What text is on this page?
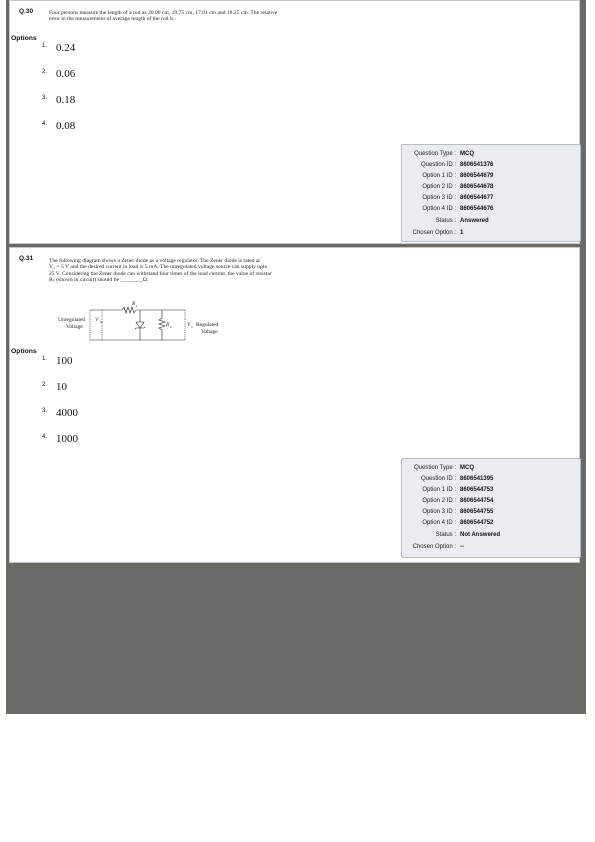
Q.30	Four persons measure the length of a rod as 20.00 cm, 19.75 cm, 17.01 cm and 18.25 cm. The relative
error in the measurement of average length of the rod is :
Options
1. 0.24
2. 0.06
3. 0.18
4. 0.08
Question Type : MCQ
Question ID : 8606541376
Option 1 ID : 8606544679
Option 2 ID : 8606544678
Option 3 ID : 8606544677
Option 4 ID : 8606544676
Status : Answered
Chosen Option : 1
Q.31	The following diagram shows a Zener diode as a voltage regulator. The Zener diode is rated at
V₂ = 5 V and the desired current in load is 5 mA. The unregulated voltage source can supply upto
25 V. Considering the Zener diode can withstand four times of the load current, the value of resistor
Rₛ (shown in circuit) should be ________Ω.
Unregulated
Voltage
V in
R s
R L	V o Regulated
Voltage
Options
1. 100
2. 10
3. 4000
4. 1000
Question Type : MCQ
Question ID : 8606541395
Option 1 ID : 8606544753
Option 2 ID : 8606544754
Option 3 ID : 8606544755
Option 4 ID : 8606544752
Status : Not Answered
Chosen Option : --
